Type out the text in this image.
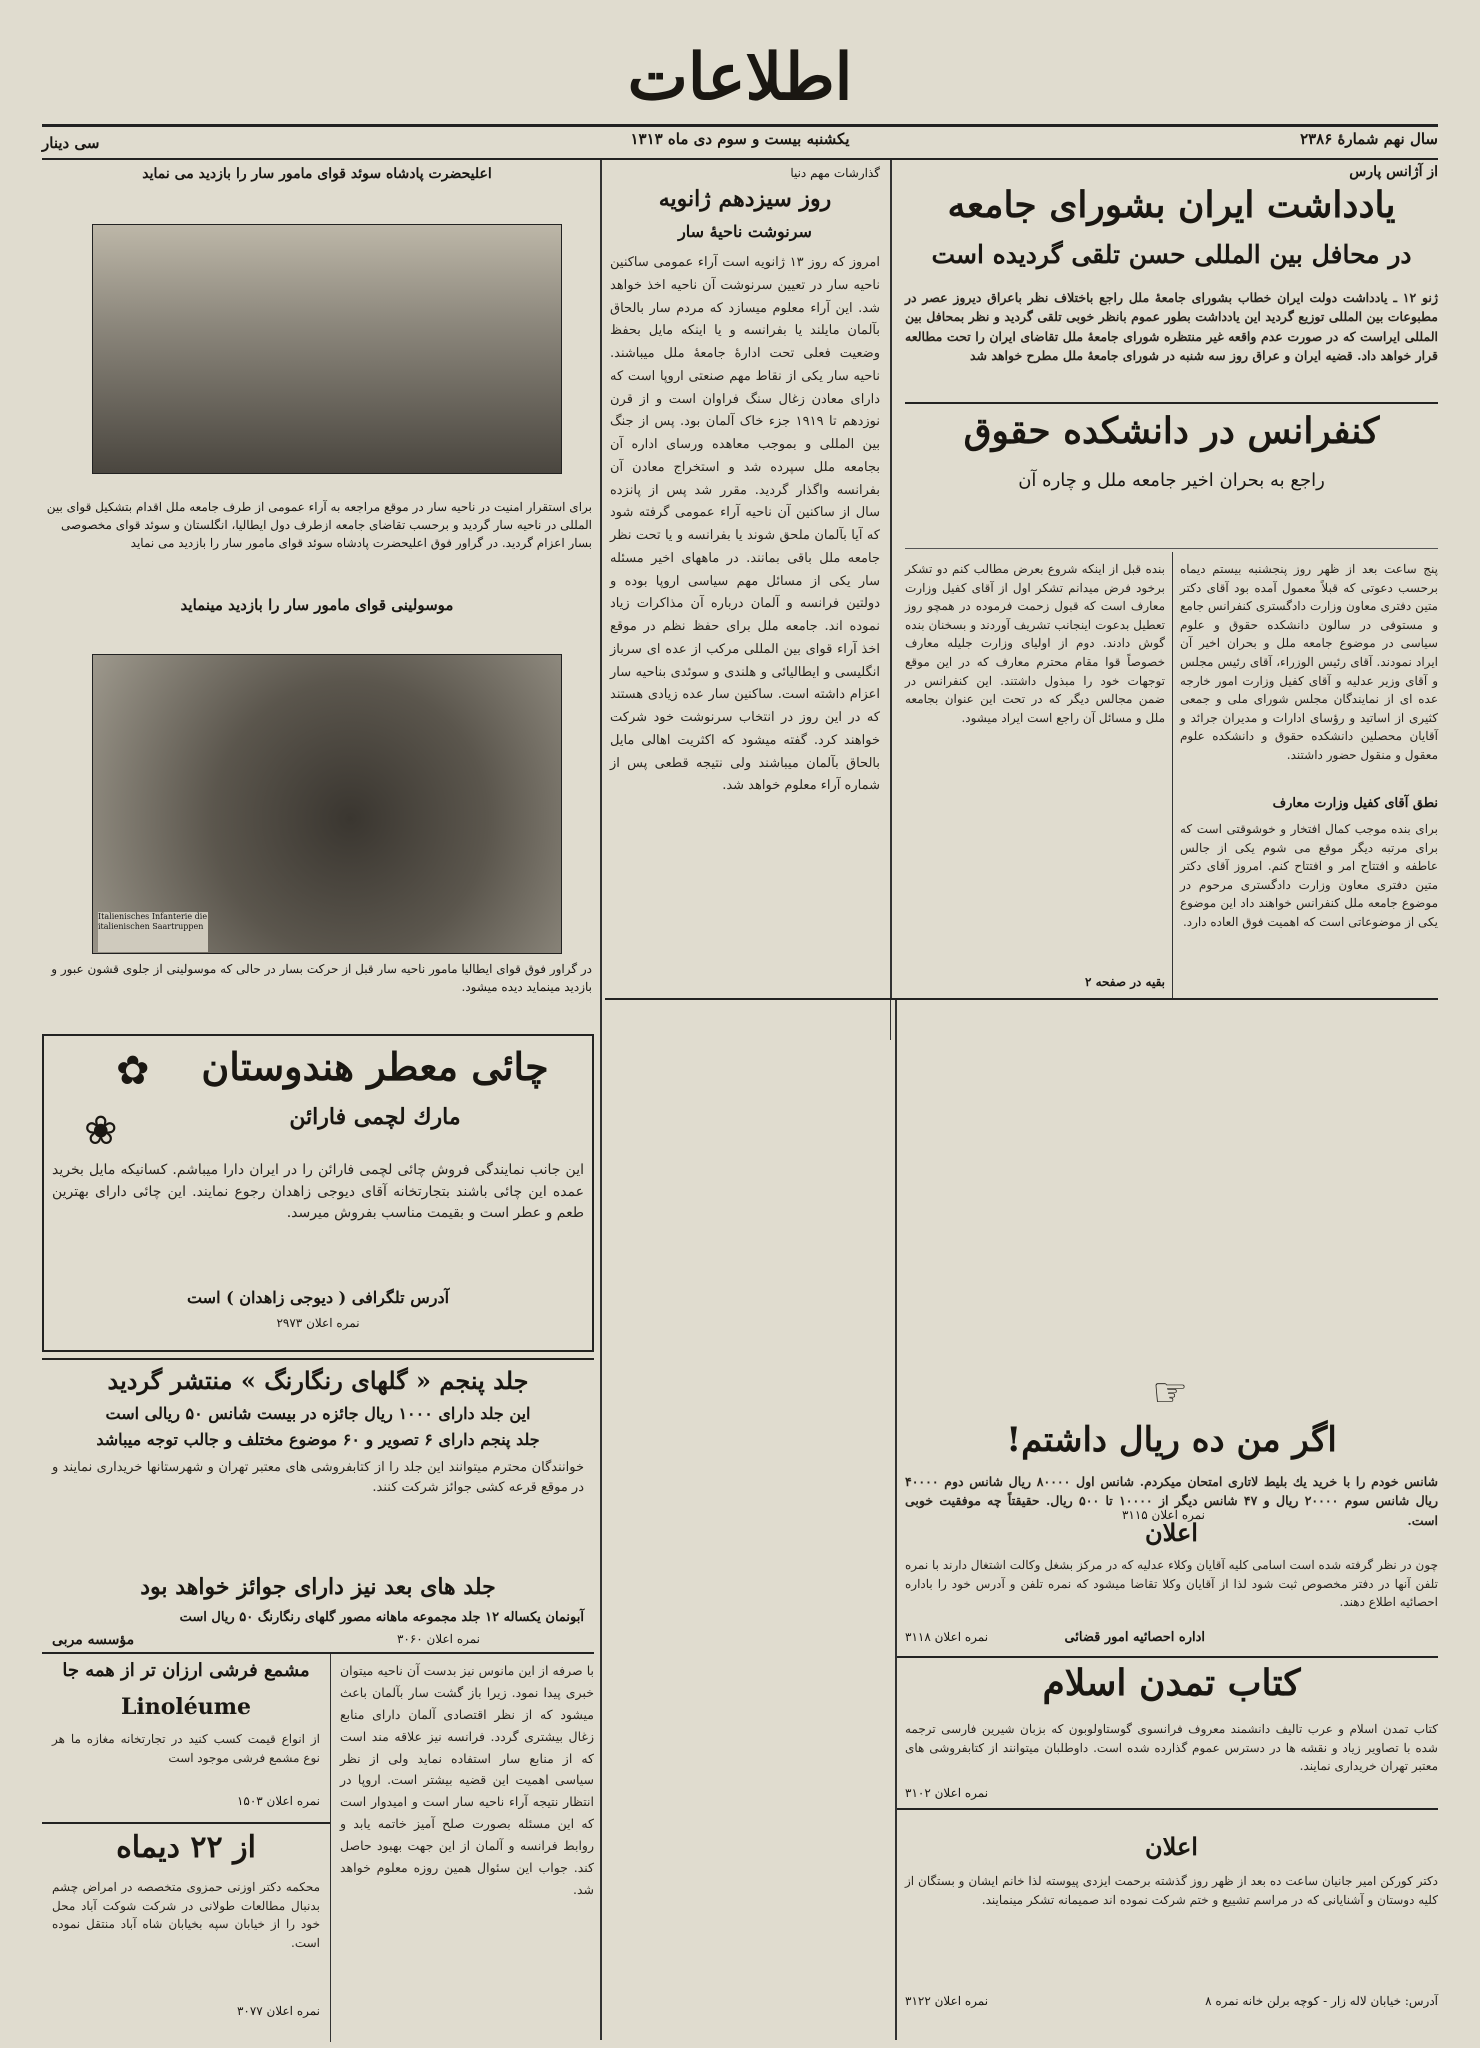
اطلاعات
سال نهم شمارهٔ ۲۳۸۶
یکشنبه بیست و سوم دی ماه ۱۳۱۳
سی دینار
از آژانس پارس
یادداشت ایران بشورای جامعه
در محافل بین المللی حسن تلقی گردیده است
ژنو ۱۲ ـ یادداشت دولت ایران خطاب بشورای جامعهٔ ملل راجع باختلاف نظر باعراق دیروز عصر در مطبوعات بین المللی توزیع گردید این یادداشت بطور عموم بانظر خوبی تلقی گردید و نظر بمحافل بین المللی ایراست که در صورت عدم واقعه غیر منتظره شورای جامعهٔ ملل تقاضای ایران را تحت مطالعه قرار خواهد داد. قضیه ایران و عراق روز سه شنبه در شورای جامعهٔ ملل مطرح خواهد شد
کنفرانس در دانشکده حقوق
راجع به بحران اخیر جامعه ملل و چاره آن
پنج ساعت بعد از ظهر روز پنجشنبه بیستم دیماه برحسب دعوتی که قبلاً معمول آمده بود آقای دکتر متین دفتری معاون وزارت دادگستری کنفرانس جامع و مستوفی در سالون دانشکده حقوق و علوم سیاسی در موضوع جامعه ملل و بحران اخیر آن ایراد نمودند. آقای رئیس الوزراء، آقای رئیس مجلس و آقای وزیر عدلیه و آقای کفیل وزارت امور خارجه عده ای از نمایندگان مجلس شورای ملی و جمعی کثیری از اساتید و رؤسای ادارات و مدیران جرائد و آقایان محصلین دانشکده حقوق و دانشکده علوم معقول و منقول حضور داشتند.
نطق آقای کفیل وزارت معارف
برای بنده موجب کمال افتخار و خوشوقتی است که برای مرتبه دیگر موقع می شوم یکی از جالس عاطفه و افتتاح امر و افتتاح کنم. امروز آقای دکتر متین دفتری معاون وزارت دادگستری مرحوم در موضوع جامعه ملل کنفرانس خواهند داد این موضوع یکی از موضوعاتی است که اهمیت فوق العاده دارد.
بنده قبل از اینکه شروع بعرض مطالب کنم دو تشکر برخود فرض میدانم تشکر اول از آقای کفیل وزارت معارف است که قبول زحمت فرموده در همچو روز تعطیل بدعوت اینجانب تشریف آوردند و بسخنان بنده گوش دادند. دوم از اولیای وزارت جلیله معارف خصوصاً قوا مقام محترم معارف که در این موقع توجهات خود را مبذول داشتند. این کنفرانس در ضمن مجالس دیگر که در تحت این عنوان بجامعه ملل و مسائل آن راجع است ایراد میشود.
بقیه در صفحه ۲
گذارشات مهم دنیا
روز سیزدهم ژانویه
سرنوشت ناحیهٔ سار
امروز که روز ۱۳ ژانویه است آراء عمومی ساکنین ناحیه سار در تعیین سرنوشت آن ناحیه اخذ خواهد شد. این آراء معلوم میسازد که مردم سار بالحاق بآلمان مایلند یا بفرانسه و یا اینکه مایل بحفظ وضعیت فعلی تحت ادارهٔ جامعهٔ ملل میباشند. ناحیه سار یکی از نقاط مهم صنعتی اروپا است که دارای معادن زغال سنگ فراوان است و از قرن نوزدهم تا ۱۹۱۹ جزء خاک آلمان بود. پس از جنگ بین المللی و بموجب معاهده ورسای اداره آن بجامعه ملل سپرده شد و استخراج معادن آن بفرانسه واگذار گردید. مقرر شد پس از پانزده سال از ساکنین آن ناحیه آراء عمومی گرفته شود که آیا بآلمان ملحق شوند یا بفرانسه و یا تحت نظر جامعه ملل باقی بمانند. در ماههای اخیر مسئله سار یکی از مسائل مهم سیاسی اروپا بوده و دولتین فرانسه و آلمان درباره آن مذاکرات زیاد نموده اند. جامعه ملل برای حفظ نظم در موقع اخذ آراء قوای بین المللی مرکب از عده ای سرباز انگلیسی و ایطالیائی و هلندی و سوئدی بناحیه سار اعزام داشته است. ساکنین سار عده زیادی هستند که در این روز در انتخاب سرنوشت خود شرکت خواهند کرد. گفته میشود که اکثریت اهالی مایل بالحاق بآلمان میباشند ولی نتیجه قطعی پس از شماره آراء معلوم خواهد شد.
اعلیحضرت پادشاه سوئد قوای مامور سار را بازدید می نماید
برای استقرار امنیت در ناحیه سار در موقع مراجعه به آراء عمومی از طرف جامعه ملل اقدام بتشکیل قوای بین المللی در ناحیه سار گردید و برحسب تقاضای جامعه ازطرف دول ایطالیا، انگلستان و سوئد قوای مخصوصی بسار اعزام گردید. در گراور فوق اعلیحضرت پادشاه سوئد قوای مامور سار را بازدید می نماید
موسولینی قوای مامور سار را بازدید مینماید
Italienisches Infanterie die italienischen Saartruppen
در گراور فوق قوای ایطالیا مامور ناحیه سار قبل از حرکت بسار در حالی که موسولینی از جلوی قشون عبور و بازدید مینماید دیده میشود.
✿
❀
چائی معطر هندوستان
مارك لچمی فارائن
این جانب نمایندگی فروش چائی لچمی فارائن را در ایران دارا میباشم. کسانیکه مایل بخرید عمده این چائی باشند بتجارتخانه آقای دیوجی زاهدان رجوع نمایند. این چائی دارای بهترین طعم و عطر است و بقیمت مناسب بفروش میرسد.
آدرس تلگرافی ( دیوجی زاهدان ) است
نمره اعلان ۲۹۷۳
جلد پنجم « گلهای رنگارنگ » منتشر گردید
این جلد دارای ۱۰۰۰ ریال جائزه در بیست شانس ۵۰ ریالی است
جلد پنجم دارای ۶ تصویر و ۶۰ موضوع مختلف و جالب توجه میباشد
خوانندگان محترم میتوانند این جلد را از کتابفروشی های معتبر تهران و شهرستانها خریداری نمایند و در موقع قرعه کشی جوائز شرکت کنند.
جلد های بعد نیز دارای جوائز خواهد بود
آبونمان یکساله ۱۲ جلد مجموعه ماهانه مصور گلهای رنگارنگ ۵۰ ریال است
نمره اعلان ۳۰۶۰
مؤسسه مربی
مشمع فرشی ارزان تر از همه جا
Linoléume
از انواع قیمت کسب کنید در تجارتخانه مغازه ما هر نوع مشمع فرشی موجود است
نمره اعلان ۱۵۰۳
از ۲۲ دیماه
محکمه دکتر اوزنی حمزوی متخصصه در امراض چشم بدنبال مطالعات طولانی در شرکت شوکت آباد محل خود را از خیابان سپه بخیابان شاه آباد منتقل نموده است.
نمره اعلان ۳۰۷۷
با صرفه از این مانوس نیز بدست آن ناحیه میتوان خبری پیدا نمود. زیرا باز گشت سار بآلمان باعث میشود که از نظر اقتصادی آلمان دارای منابع زغال بیشتری گردد. فرانسه نیز علاقه مند است که از منابع سار استفاده نماید ولی از نظر سیاسی اهمیت این قضیه بیشتر است. اروپا در انتظار نتیجه آراء ناحیه سار است و امیدوار است که این مسئله بصورت صلح آمیز خاتمه یابد و روابط فرانسه و آلمان از این جهت بهبود حاصل کند. جواب این سئوال همین روزه معلوم خواهد شد.
☞
اگر من ده ریال داشتم!
شانس خودم را با خرید یك بلیط لاتاری امتحان میکردم. شانس اول ۸۰۰۰۰ ریال شانس دوم ۴۰۰۰۰ ریال شانس سوم ۲۰۰۰۰ ریال و ۴۷ شانس دیگر از ۱۰۰۰۰ تا ۵۰۰ ریال. حقیقتاً چه موفقیت خوبی است.
نمره اعلان ۳۱۱۵
اعلان
چون در نظر گرفته شده است اسامی کلیه آقایان وکلاء عدلیه که در مرکز بشغل وکالت اشتغال دارند با نمره تلفن آنها در دفتر مخصوص ثبت شود لذا از آقایان وکلا تقاضا میشود که نمره تلفن و آدرس خود را باداره احصائیه اطلاع دهند.
اداره احصائیه امور قضائی
نمره اعلان ۳۱۱۸
کتاب تمدن اسلام
کتاب تمدن اسلام و عرب تالیف دانشمند معروف فرانسوی گوستاولوبون که بزبان شیرین فارسی ترجمه شده با تصاویر زیاد و نقشه ها در دسترس عموم گذارده شده است. داوطلبان میتوانند از کتابفروشی های معتبر تهران خریداری نمایند.
نمره اعلان ۳۱۰۲
اعلان
دکتر کورکن امیر جانیان ساعت ده بعد از ظهر روز گذشته برحمت ایزدی پیوسته لذا خانم ایشان و بستگان از کلیه دوستان و آشنایانی که در مراسم تشییع و ختم شرکت نموده اند صمیمانه تشکر مینمایند.
آدرس: خیابان لاله زار - کوچه برلن خانه نمره ۸
نمره اعلان ۳۱۲۲
